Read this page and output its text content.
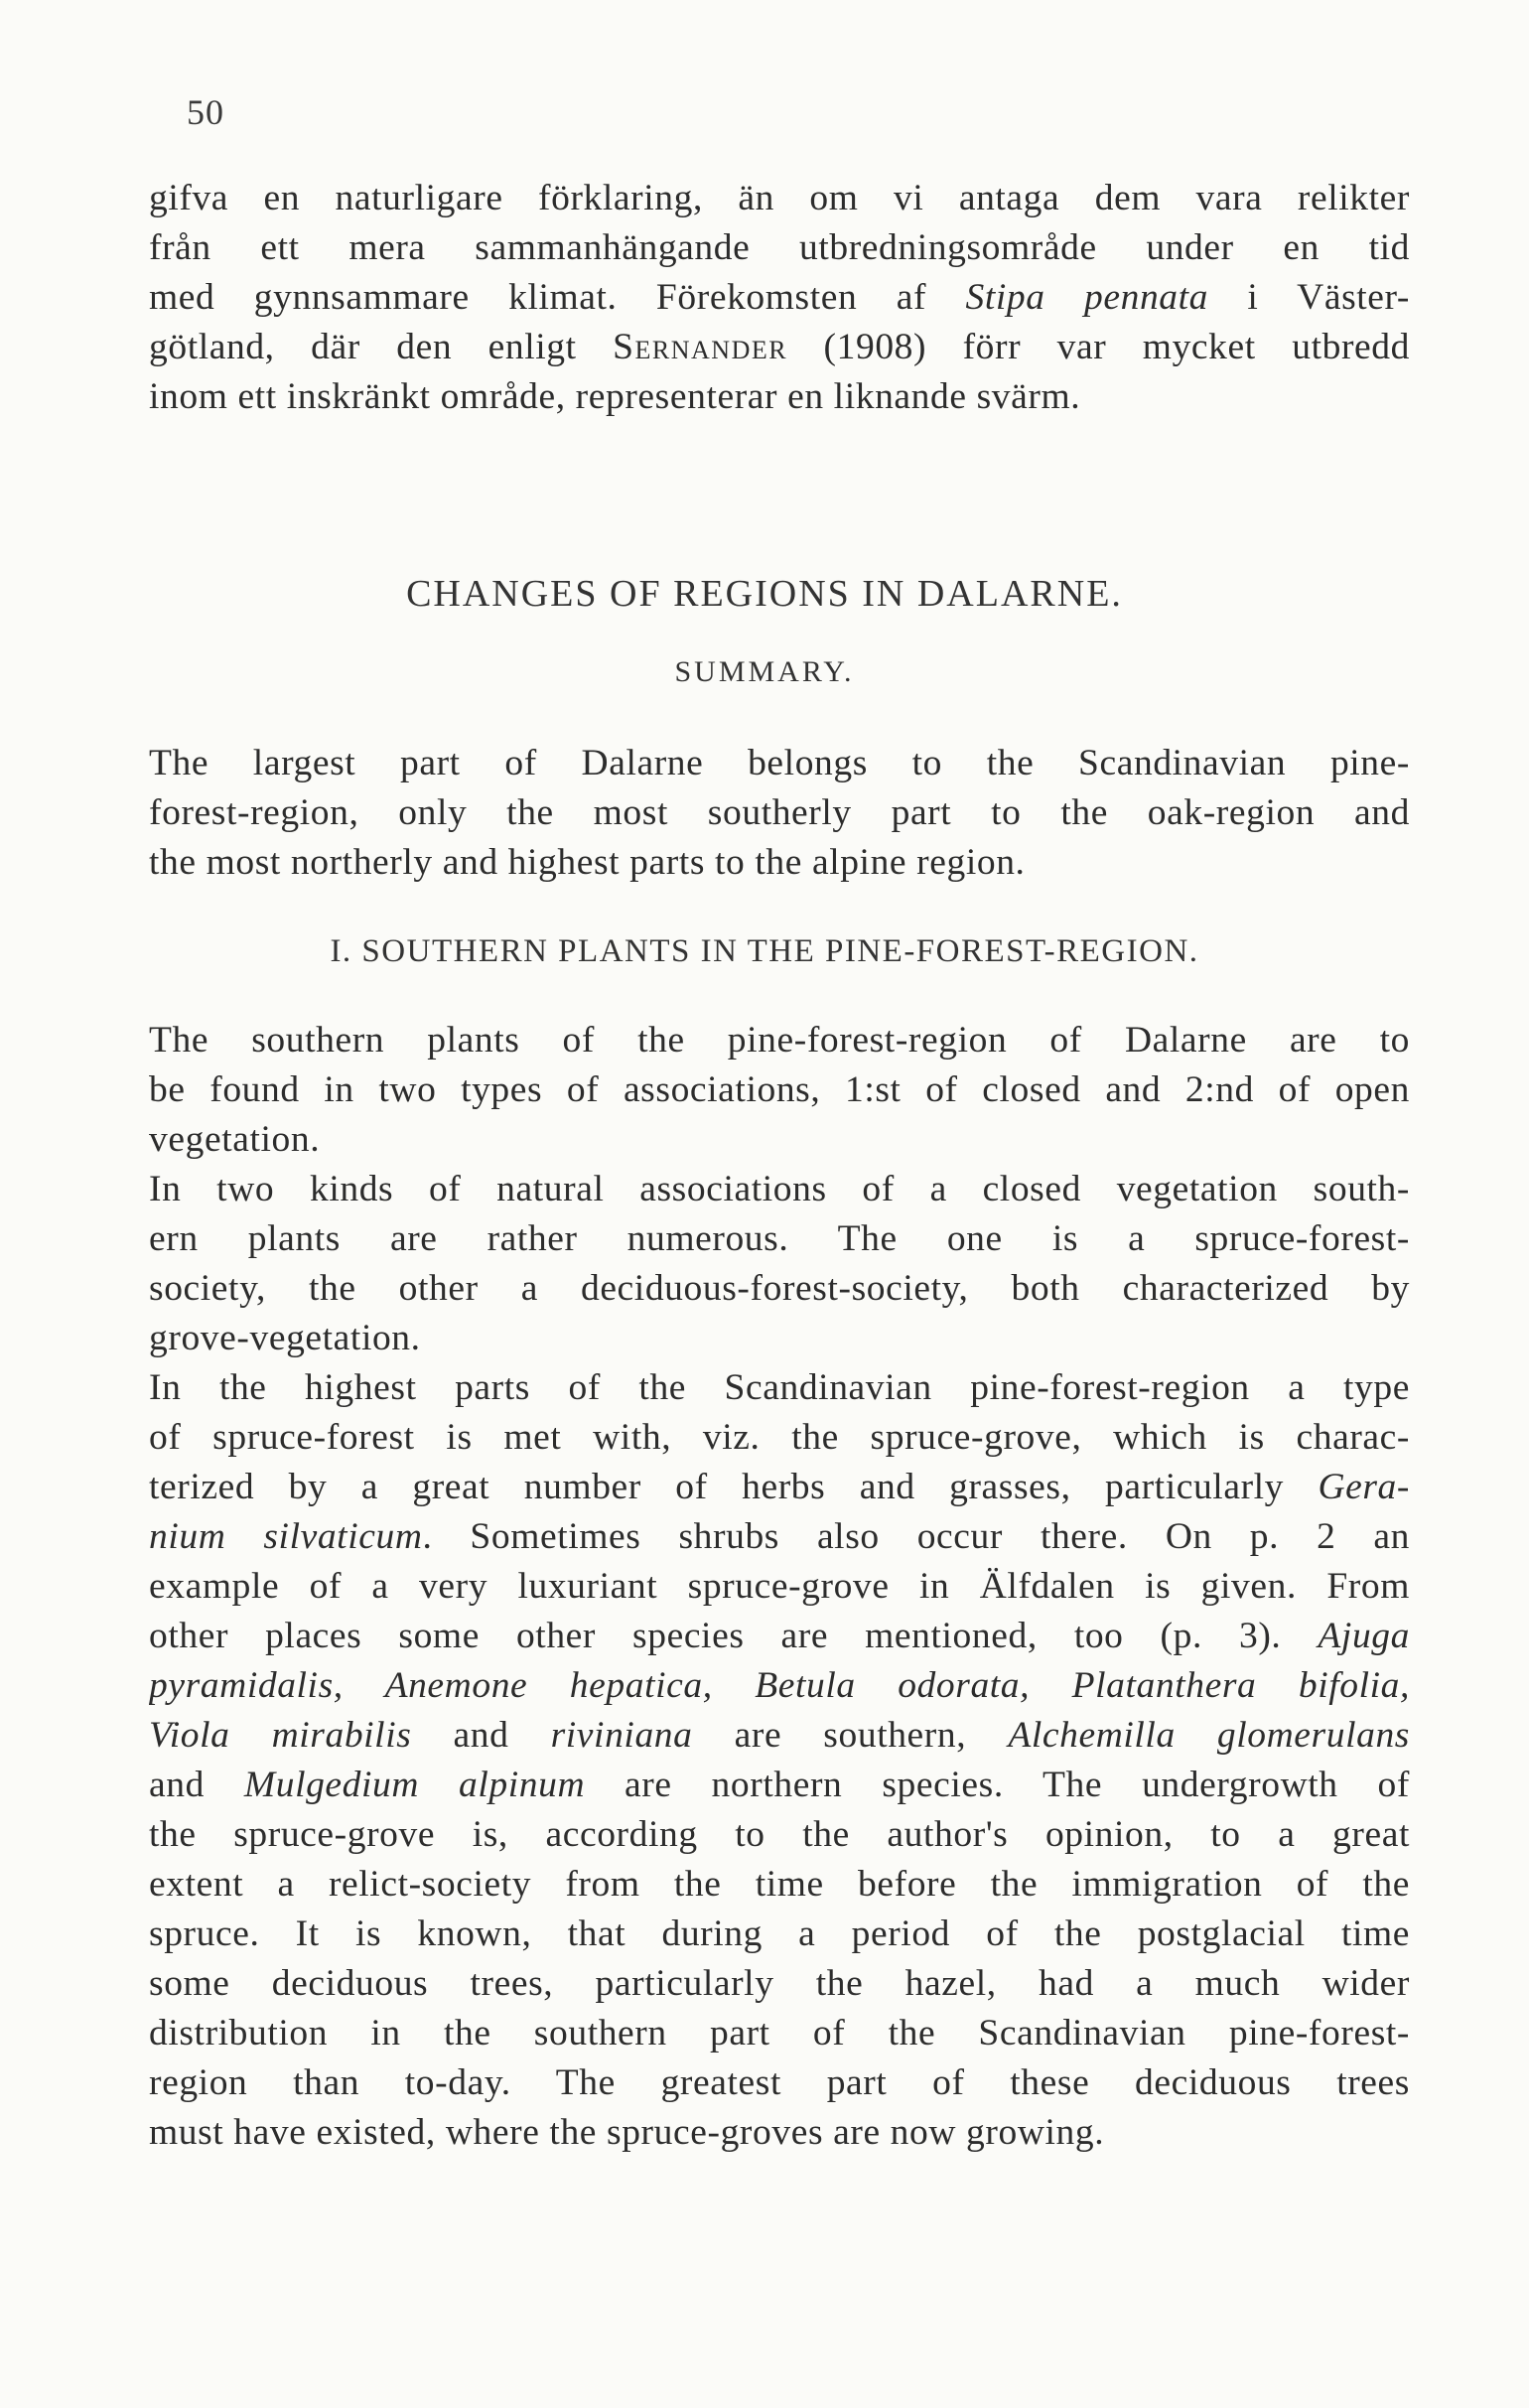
50
gifva en naturligare förklaring, än om vi antaga dem vara relikter
från ett mera sammanhängande utbredningsområde under en tid
med gynnsammare klimat. Förekomsten af Stipa pennata i Väster-
götland, där den enligt Sernander (1908) förr var mycket utbredd
inom ett inskränkt område, representerar en liknande svärm.
CHANGES OF REGIONS IN DALARNE.
SUMMARY.
The largest part of Dalarne belongs to the Scandinavian pine-
forest-region, only the most southerly part to the oak-region and
the most northerly and highest parts to the alpine region.
I. SOUTHERN PLANTS IN THE PINE-FOREST-REGION.
The southern plants of the pine-forest-region of Dalarne are to
be found in two types of associations, 1:st of closed and 2:nd of open
vegetation.
In two kinds of natural associations of a closed vegetation south-
ern plants are rather numerous. The one is a spruce-forest-
society, the other a deciduous-forest-society, both characterized by
grove-vegetation.
In the highest parts of the Scandinavian pine-forest-region a type
of spruce-forest is met with, viz. the spruce-grove, which is charac-
terized by a great number of herbs and grasses, particularly Gera-
nium silvaticum. Sometimes shrubs also occur there. On p. 2 an
example of a very luxuriant spruce-grove in Älfdalen is given. From
other places some other species are mentioned, too (p. 3). Ajuga
pyramidalis, Anemone hepatica, Betula odorata, Platanthera bifolia,
Viola mirabilis and riviniana are southern, Alchemilla glomerulans
and Mulgedium alpinum are northern species. The undergrowth of
the spruce-grove is, according to the author's opinion, to a great
extent a relict-society from the time before the immigration of the
spruce. It is known, that during a period of the postglacial time
some deciduous trees, particularly the hazel, had a much wider
distribution in the southern part of the Scandinavian pine-forest-
region than to-day. The greatest part of these deciduous trees
must have existed, where the spruce-groves are now growing.
